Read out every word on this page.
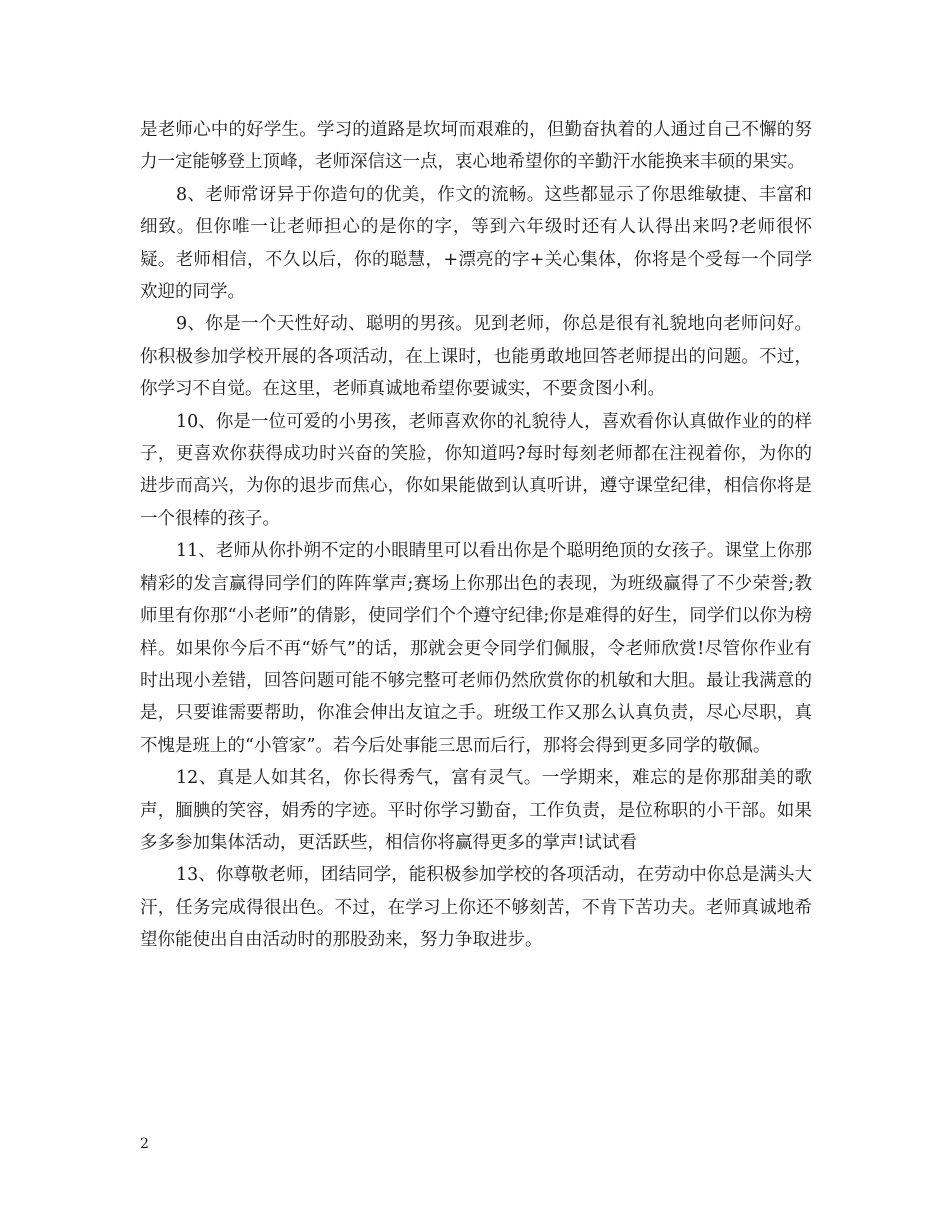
是老师心中的好学生。学习的道路是坎坷而艰难的，但勤奋执着的人通过自己不懈的努力一定能够登上顶峰，老师深信这一点，衷心地希望你的辛勤汗水能换来丰硕的果实。

8、老师常讶异于你造句的优美，作文的流畅。这些都显示了你思维敏捷、丰富和细致。但你唯一让老师担心的是你的字，等到六年级时还有人认得出来吗?老师很怀疑。老师相信，不久以后，你的聪慧，+漂亮的字+关心集体，你将是个受每一个同学欢迎的同学。

9、你是一个天性好动、聪明的男孩。见到老师，你总是很有礼貌地向老师问好。你积极参加学校开展的各项活动，在上课时，也能勇敢地回答老师提出的问题。不过，你学习不自觉。在这里，老师真诚地希望你要诚实，不要贪图小利。

10、你是一位可爱的小男孩，老师喜欢你的礼貌待人，喜欢看你认真做作业的的样子，更喜欢你获得成功时兴奋的笑脸，你知道吗?每时每刻老师都在注视着你，为你的进步而高兴，为你的退步而焦心，你如果能做到认真听讲，遵守课堂纪律，相信你将是一个很棒的孩子。

11、老师从你扑朔不定的小眼睛里可以看出你是个聪明绝顶的女孩子。课堂上你那精彩的发言赢得同学们的阵阵掌声;赛场上你那出色的表现，为班级赢得了不少荣誉;教师里有你那“小老师”的倩影，使同学们个个遵守纪律;你是难得的好生，同学们以你为榜样。如果你今后不再“娇气”的话，那就会更令同学们佩服，令老师欣赏!尽管你作业有时出现小差错，回答问题可能不够完整可老师仍然欣赏你的机敏和大胆。最让我满意的是，只要谁需要帮助，你准会伸出友谊之手。班级工作又那么认真负责，尽心尽职，真不愧是班上的“小管家”。若今后处事能三思而后行，那将会得到更多同学的敬佩。

12、真是人如其名，你长得秀气，富有灵气。一学期来，难忘的是你那甜美的歌声，腼腆的笑容，娟秀的字迹。平时你学习勤奋，工作负责，是位称职的小干部。如果多多参加集体活动，更活跃些，相信你将赢得更多的掌声!试试看

13、你尊敬老师，团结同学，能积极参加学校的各项活动，在劳动中你总是满头大汗，任务完成得很出色。不过，在学习上你还不够刻苦，不肯下苦功夫。老师真诚地希望你能使出自由活动时的那股劲来，努力争取进步。

2
